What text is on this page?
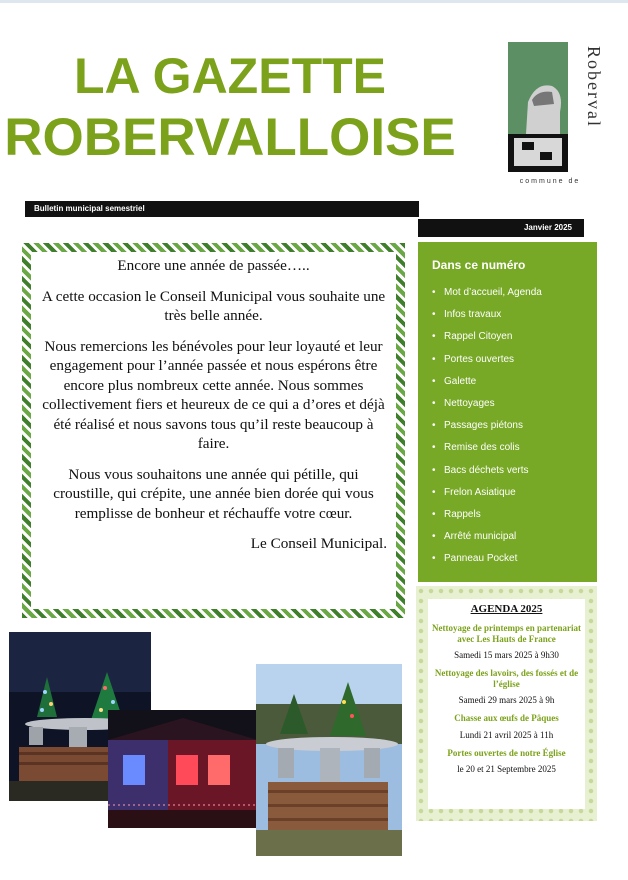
LA GAZETTE
ROBERVALLOISE
Roberval
commune de
Bulletin municipal semestriel
Janvier 2025

Encore une année de passée…..

A cette occasion le Conseil Municipal vous souhaite une très belle année.

Nous remercions les bénévoles pour leur loyauté et leur engagement pour l’année passée et nous espérons être encore plus nombreux cette année. Nous sommes collectivement fiers et heureux de ce qui a d’ores et déjà été réalisé et nous savons tous qu’il reste beaucoup à faire.

Nous vous souhaitons une année qui pétille, qui croustille, qui crépite, une année bien dorée qui vous remplisse de bonheur et réchauffe votre cœur.

Le Conseil Municipal.

Dans ce numéro
• Mot d’accueil, Agenda
• Infos travaux
• Rappel Citoyen
• Portes ouvertes
• Galette
• Nettoyages
• Passages piétons
• Remise des colis
• Bacs déchets verts
• Frelon Asiatique
• Rappels
• Arrêté municipal
• Panneau Pocket
AGENDA 2025
Nettoyage de printemps en partenariat avec Les Hauts de France
Samedi 15 mars 2025 à 9h30
Nettoyage des lavoirs, des fossés et de l’église
Samedi 29 mars 2025 à 9h
Chasse aux œufs de Pâques
Lundi 21 avril 2025 à 11h
Portes ouvertes de notre Église
le 20 et 21 Septembre 2025
